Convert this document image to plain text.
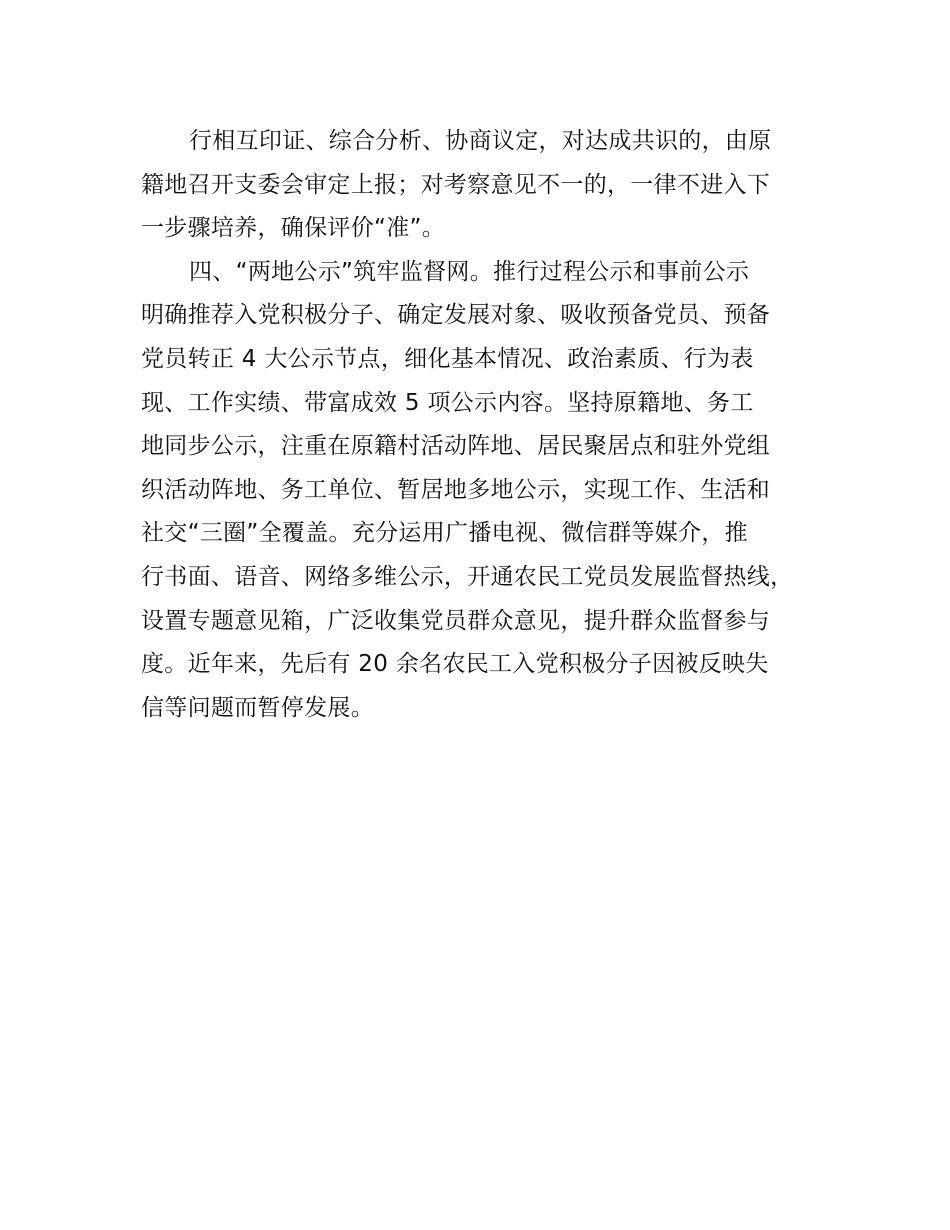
行相互印证、综合分析、协商议定，对达成共识的，由原
籍地召开支委会审定上报；对考察意见不一的，一律不进入下
一步骤培养，确保评价“准”。
四、“两地公示”筑牢监督网。推行过程公示和事前公示
明确推荐入党积极分子、确定发展对象、吸收预备党员、预备
党员转正 4 大公示节点，细化基本情况、政治素质、行为表
现、工作实绩、带富成效 5 项公示内容。坚持原籍地、务工
地同步公示，注重在原籍村活动阵地、居民聚居点和驻外党组
织活动阵地、务工单位、暂居地多地公示，实现工作、生活和
社交“三圈”全覆盖。充分运用广播电视、微信群等媒介，推
行书面、语音、网络多维公示，开通农民工党员发展监督热线，
设置专题意见箱，广泛收集党员群众意见，提升群众监督参与
度。近年来，先后有 20 余名农民工入党积极分子因被反映失
信等问题而暂停发展。
